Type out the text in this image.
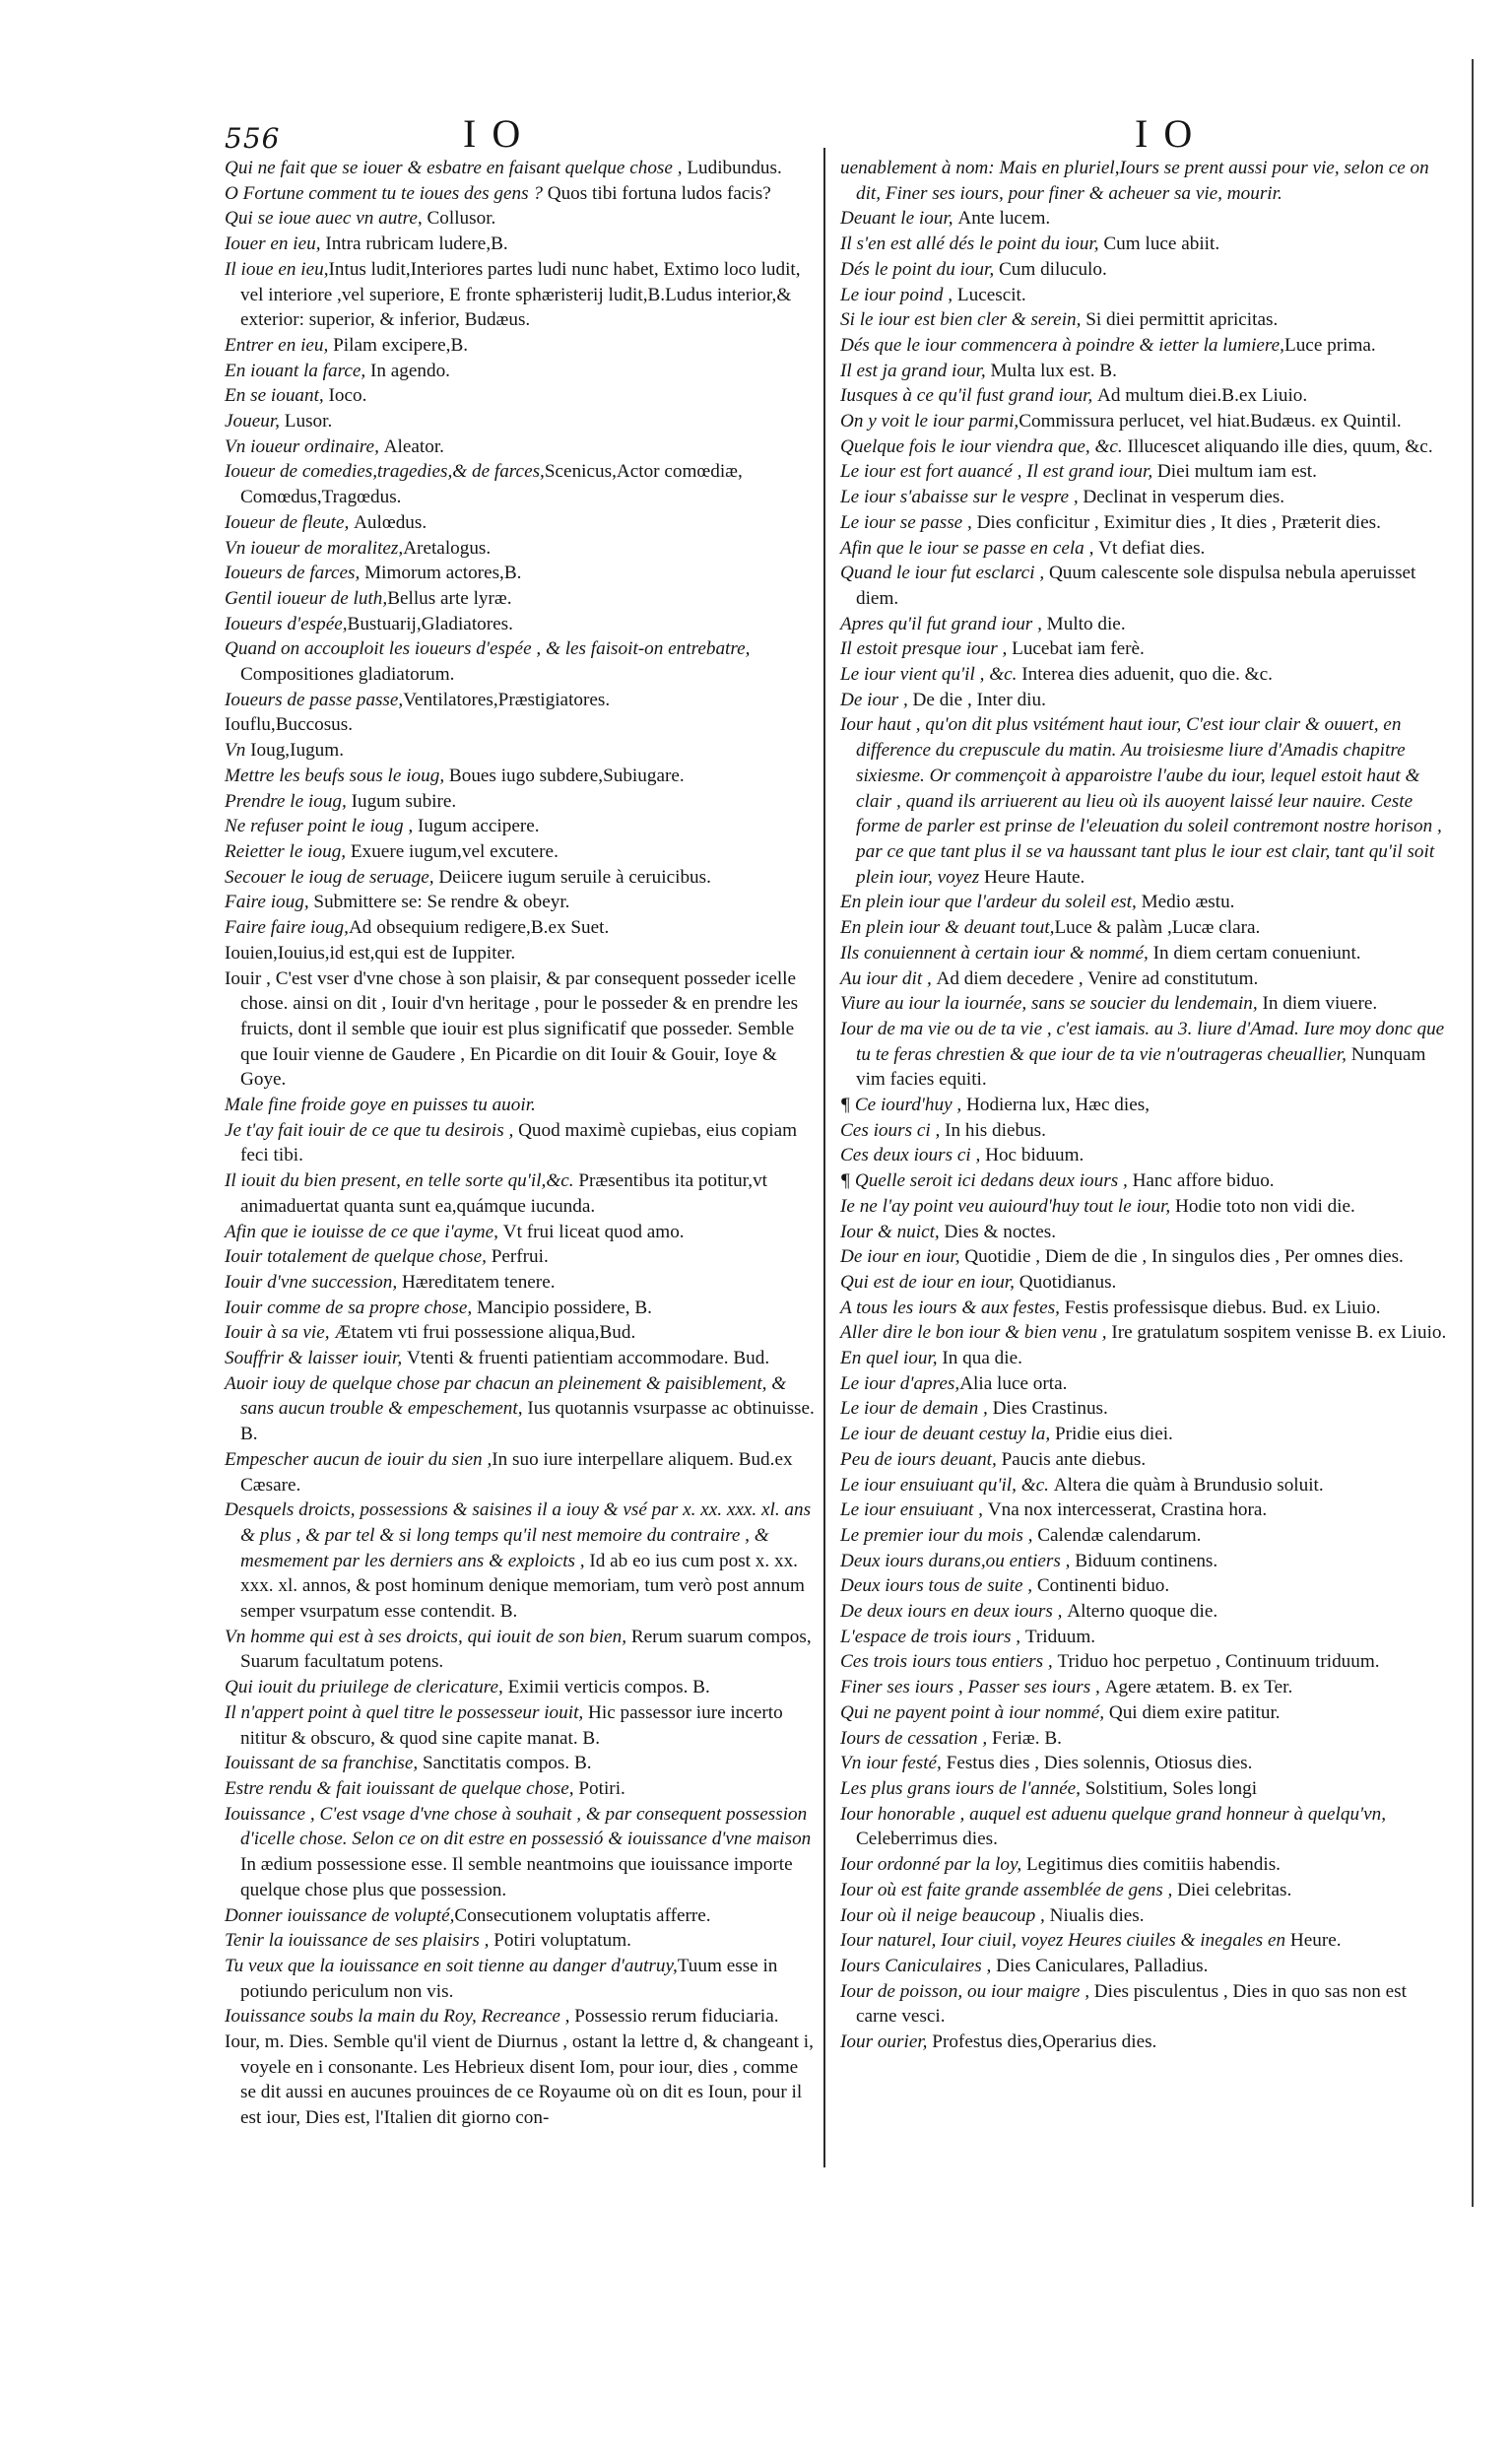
556	IO	IO

Qui ne fait que se iouer & esbatre en faisant quelque chose , Ludibundus.

O Fortune comment tu te ioues des gens ? Quos tibi fortuna ludos facis?

Qui se ioue auec vn autre, Collusor.

Iouer en ieu, Intra rubricam ludere,B.

Il ioue en ieu,Intus ludit,Interiores partes ludi nunc habet, Extimo loco ludit, vel interiore ,vel superiore, E fronte sphæristerij ludit,B.Ludus interior,& exterior: superior, & inferior, Budæus.

Entrer en ieu, Pilam excipere,B.

En iouant la farce, In agendo.

En se iouant, Ioco.

Joueur, Lusor.

Vn ioueur ordinaire, Aleator.

Ioueur de comedies,tragedies,& de farces,Scenicus,Actor comœdiæ, Comœdus,Tragœdus.

Ioueur de fleute, Aulœdus.

Vn ioueur de moralitez,Aretalogus.

Ioueurs de farces, Mimorum actores,B.

Gentil ioueur de luth,Bellus arte lyræ.

Ioueurs d'espée,Bustuarij,Gladiatores.

Quand on accouploit les ioueurs d'espée , & les faisoit-on entrebatre, Compositiones gladiatorum.

Ioueurs de passe passe,Ventilatores,Præstigiatores.

Iouflu,Buccosus.

Vn Ioug,Iugum.

Mettre les beufs sous le ioug, Boues iugo subdere,Subiugare.

Prendre le ioug, Iugum subire.

Ne refuser point le ioug , Iugum accipere.

Reietter le ioug, Exuere iugum,vel excutere.

Secouer le ioug de seruage, Deiicere iugum seruile à ceruicibus.

Faire ioug, Submittere se: Se rendre & obeyr.

Faire faire ioug,Ad obsequium redigere,B.ex Suet.

Iouien,Iouius,id est,qui est de Iuppiter.

Iouir , C'est vser d'vne chose à son plaisir, & par consequent posseder icelle chose. ainsi on dit , Iouir d'vn heritage , pour le posseder & en prendre les fruicts, dont il semble que iouir est plus significatif que posseder. Semble que Iouir vienne de Gaudere , En Picardie on dit Iouir & Gouir, Ioye & Goye.

Male fine froide goye en puisses tu auoir.

Je t'ay fait iouir de ce que tu desirois , Quod maximè cupiebas, eius copiam feci tibi.

Il iouit du bien present, en telle sorte qu'il,&c. Præsentibus ita potitur,vt animaduertat quanta sunt ea,quámque iucunda.

Afin que ie iouisse de ce que i'ayme, Vt frui liceat quod amo.

Iouir totalement de quelque chose, Perfrui.

Iouir d'vne succession, Hæreditatem tenere.

Iouir comme de sa propre chose, Mancipio possidere, B.

Iouir à sa vie, Ætatem vti frui possessione aliqua,Bud.

Souffrir & laisser iouir, Vtenti & fruenti patientiam accommodare. Bud.

Auoir iouy de quelque chose par chacun an pleinement & paisiblement, & sans aucun trouble & empeschement, Ius quotannis vsurpasse ac obtinuisse. B.

Empescher aucun de iouir du sien ,In suo iure interpellare aliquem. Bud.ex Cæsare.

Desquels droicts, possessions & saisines il a iouy & vsé par x. xx. xxx. xl. ans & plus , & par tel & si long temps qu'il nest memoire du contraire , & mesmement par les derniers ans & exploicts , Id ab eo ius cum post x. xx. xxx. xl. annos, & post hominum denique memoriam, tum verò post annum semper vsurpatum esse contendit. B.

Vn homme qui est à ses droicts, qui iouit de son bien, Rerum suarum compos, Suarum facultatum potens.

Qui iouit du priuilege de clericature, Eximii verticis compos. B.

Il n'appert point à quel titre le possesseur iouit, Hic passessor iure incerto nititur & obscuro, & quod sine capite manat. B.

Iouissant de sa franchise, Sanctitatis compos. B.

Estre rendu & fait iouissant de quelque chose, Potiri.

Iouissance , C'est vsage d'vne chose à souhait , & par consequent possession d'icelle chose. Selon ce on dit estre en possessió & iouissance d'vne maison In ædium possessione esse. Il semble neantmoins que iouissance importe quelque chose plus que possession.

Donner iouissance de volupté,Consecutionem voluptatis afferre.

Tenir la iouissance de ses plaisirs , Potiri voluptatum.

Tu veux que la iouissance en soit tienne au danger d'autruy,Tuum esse in potiundo periculum non vis.

Iouissance soubs la main du Roy, Recreance , Possessio rerum fiduciaria.

Iour, m. Dies. Semble qu'il vient de Diurnus , ostant la lettre d, & changeant i, voyele en i consonante. Les Hebrieux disent Iom, pour iour, dies , comme se dit aussi en aucunes prouinces de ce Royaume où on dit es Ioun, pour il est iour, Dies est, l'Italien dit giorno con-

uenablement à nom: Mais en pluriel,Iours se prent aussi pour vie, selon ce on dit, Finer ses iours, pour finer & acheuer sa vie, mourir.

Deuant le iour, Ante lucem.

Il s'en est allé dés le point du iour, Cum luce abiit.

Dés le point du iour, Cum diluculo.

Le iour poind , Lucescit.

Si le iour est bien cler & serein, Si diei permittit apricitas.

Dés que le iour commencera à poindre & ietter la lumiere,Luce prima.

Il est ja grand iour, Multa lux est. B.

Iusques à ce qu'il fust grand iour, Ad multum diei.B.ex Liuio.

On y voit le iour parmi,Commissura perlucet, vel hiat.Budæus. ex Quintil.

Quelque fois le iour viendra que, &c. Illucescet aliquando ille dies, quum, &c.

Le iour est fort auancé , Il est grand iour, Diei multum iam est.

Le iour s'abaisse sur le vespre , Declinat in vesperum dies.

Le iour se passe , Dies conficitur , Eximitur dies , It dies , Præterit dies.

Afin que le iour se passe en cela , Vt defiat dies.

Quand le iour fut esclarci , Quum calescente sole dispulsa nebula aperuisset diem.

Apres qu'il fut grand iour , Multo die.

Il estoit presque iour , Lucebat iam ferè.

Le iour vient qu'il , &c. Interea dies aduenit, quo die. &c.

De iour , De die , Inter diu.

Iour haut , qu'on dit plus vsitément haut iour, C'est iour clair & ouuert, en difference du crepuscule du matin. Au troisiesme liure d'Amadis chapitre sixiesme. Or commençoit à apparoistre l'aube du iour, lequel estoit haut & clair , quand ils arriuerent au lieu où ils auoyent laissé leur nauire. Ceste forme de parler est prinse de l'eleuation du soleil contremont nostre horison , par ce que tant plus il se va haussant tant plus le iour est clair, tant qu'il soit plein iour, voyez Heure Haute.

En plein iour que l'ardeur du soleil est, Medio æstu.

En plein iour & deuant tout,Luce & palàm ,Lucæ clara.

Ils conuiennent à certain iour & nommé, In diem certam conueniunt.

Au iour dit , Ad diem decedere , Venire ad constitutum.

Viure au iour la iournée, sans se soucier du lendemain, In diem viuere.

Iour de ma vie ou de ta vie , c'est iamais. au 3. liure d'Amad. Iure moy donc que tu te feras chrestien & que iour de ta vie n'outrageras cheuallier, Nunquam vim facies equiti.

¶ Ce iourd'huy , Hodierna lux, Hæc dies,

Ces iours ci , In his diebus.

Ces deux iours ci , Hoc biduum.

¶ Quelle seroit ici dedans deux iours , Hanc affore biduo.

Ie ne l'ay point veu auiourd'huy tout le iour, Hodie toto non vidi die.

Iour & nuict, Dies & noctes.

De iour en iour, Quotidie , Diem de die , In singulos dies , Per omnes dies.

Qui est de iour en iour, Quotidianus.

A tous les iours & aux festes, Festis professisque diebus. Bud. ex Liuio.

Aller dire le bon iour & bien venu , Ire gratulatum sospitem venisse B. ex Liuio.

En quel iour, In qua die.

Le iour d'apres,Alia luce orta.

Le iour de demain , Dies Crastinus.

Le iour de deuant cestuy la, Pridie eius diei.

Peu de iours deuant, Paucis ante diebus.

Le iour ensuiuant qu'il, &c. Altera die quàm à Brundusio soluit.

Le iour ensuiuant , Vna nox intercesserat, Crastina hora.

Le premier iour du mois , Calendæ calendarum.

Deux iours durans,ou entiers , Biduum continens.

Deux iours tous de suite , Continenti biduo.

De deux iours en deux iours , Alterno quoque die.

L'espace de trois iours , Triduum.

Ces trois iours tous entiers , Triduo hoc perpetuo , Continuum triduum.

Finer ses iours , Passer ses iours , Agere ætatem. B. ex Ter.

Qui ne payent point à iour nommé, Qui diem exire patitur.

Iours de cessation , Feriæ. B.

Vn iour festé, Festus dies , Dies solennis, Otiosus dies.

Les plus grans iours de l'année, Solstitium, Soles longi

Iour honorable , auquel est aduenu quelque grand honneur à quelqu'vn, Celeberrimus dies.

Iour ordonné par la loy, Legitimus dies comitiis habendis.

Iour où est faite grande assemblée de gens , Diei celebritas.

Iour où il neige beaucoup , Niualis dies.

Iour naturel, Iour ciuil, voyez Heures ciuiles & inegales en Heure.

Iours Caniculaires , Dies Caniculares, Palladius.

Iour de poisson, ou iour maigre , Dies pisculentus , Dies in quo sas non est carne vesci.

Iour ourier, Profestus dies,Operarius dies.
